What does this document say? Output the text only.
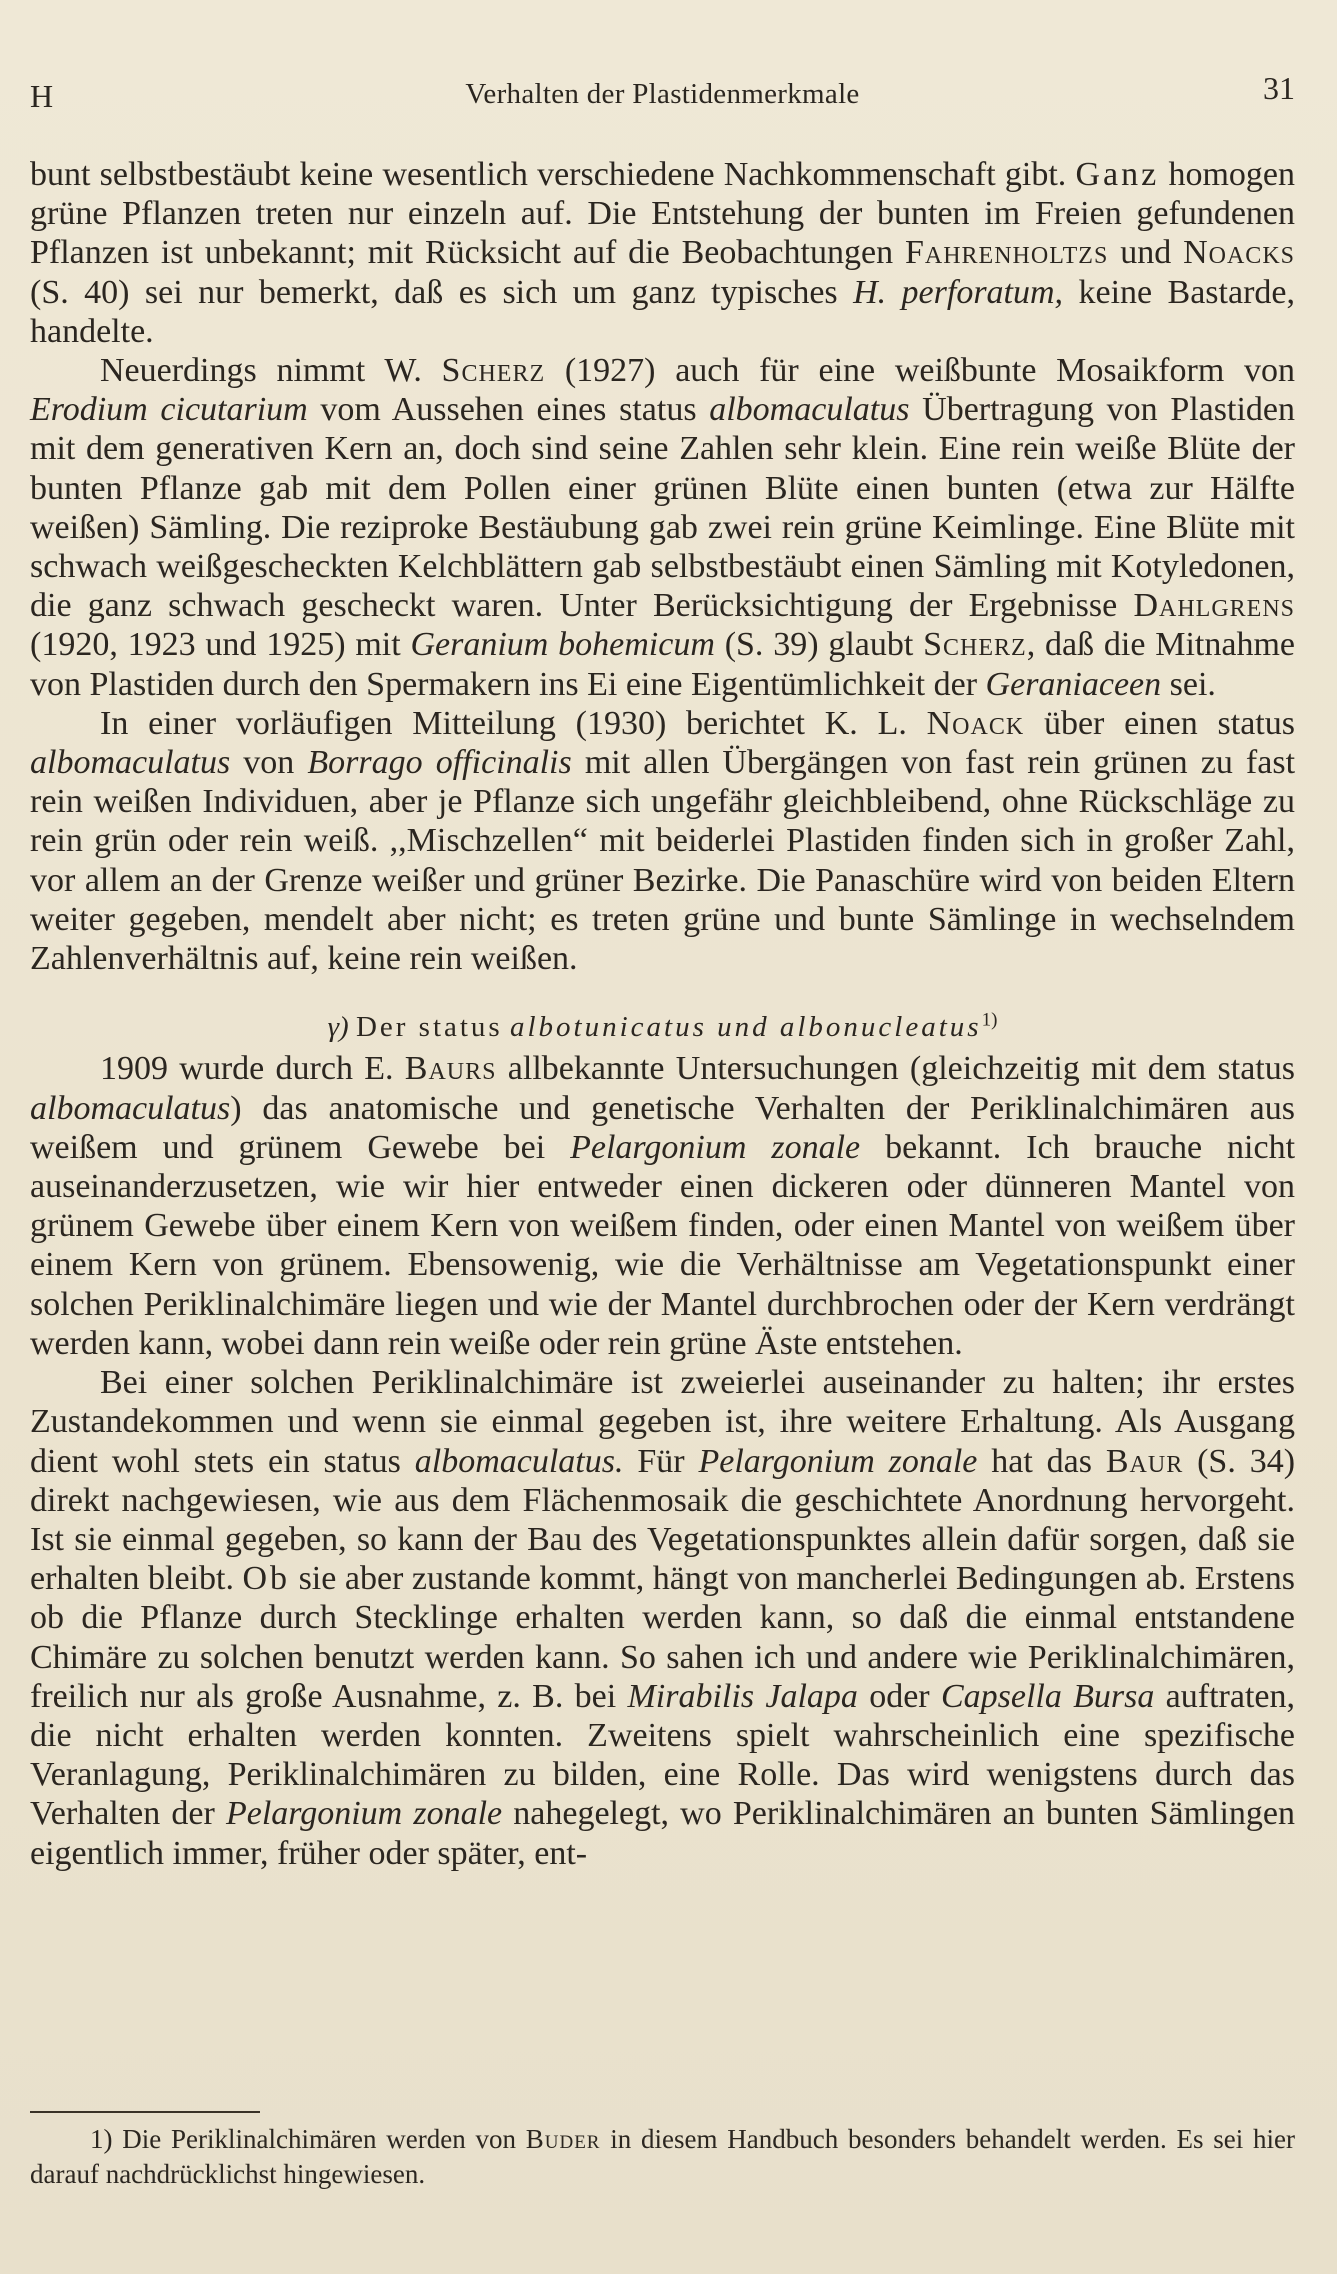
H	Verhalten der Plastidenmerkmale	31

bunt selbstbestäubt keine wesentlich verschiedene Nachkommenschaft gibt. Ganz homogen grüne Pflanzen treten nur einzeln auf. Die Entstehung der bunten im Freien gefundenen Pflanzen ist unbekannt; mit Rücksicht auf die Beobachtungen Fahrenholtzs und Noacks (S. 40) sei nur bemerkt, daß es sich um ganz typisches H. perforatum, keine Bastarde, handelte.

Neuerdings nimmt W. Scherz (1927) auch für eine weißbunte Mosaikform von Erodium cicutarium vom Aussehen eines status albomaculatus Übertragung von Plastiden mit dem generativen Kern an, doch sind seine Zahlen sehr klein. Eine rein weiße Blüte der bunten Pflanze gab mit dem Pollen einer grünen Blüte einen bunten (etwa zur Hälfte weißen) Sämling. Die reziproke Bestäubung gab zwei rein grüne Keimlinge. Eine Blüte mit schwach weißgescheckten Kelchblättern gab selbstbestäubt einen Sämling mit Kotyledonen, die ganz schwach gescheckt waren. Unter Berücksichtigung der Ergebnisse Dahlgrens (1920, 1923 und 1925) mit Geranium bohemicum (S. 39) glaubt Scherz, daß die Mitnahme von Plastiden durch den Spermakern ins Ei eine Eigentümlichkeit der Geraniaceen sei.

In einer vorläufigen Mitteilung (1930) berichtet K. L. Noack über einen status albomaculatus von Borrago officinalis mit allen Übergängen von fast rein grünen zu fast rein weißen Individuen, aber je Pflanze sich ungefähr gleichbleibend, ohne Rückschläge zu rein grün oder rein weiß. ,,Mischzellen“ mit beiderlei Plastiden finden sich in großer Zahl, vor allem an der Grenze weißer und grüner Bezirke. Die Panaschüre wird von beiden Eltern weiter gegeben, mendelt aber nicht; es treten grüne und bunte Sämlinge in wechselndem Zahlenverhältnis auf, keine rein weißen.

γ) Der status albotunicatus und albonucleatus$^{1)}$

1909 wurde durch E. Baurs allbekannte Untersuchungen (gleichzeitig mit dem status albomaculatus) das anatomische und genetische Verhalten der Periklinalchimären aus weißem und grünem Gewebe bei Pelargonium zonale bekannt. Ich brauche nicht auseinanderzusetzen, wie wir hier entweder einen dickeren oder dünneren Mantel von grünem Gewebe über einem Kern von weißem finden, oder einen Mantel von weißem über einem Kern von grünem. Ebensowenig, wie die Verhältnisse am Vegetationspunkt einer solchen Periklinalchimäre liegen und wie der Mantel durchbrochen oder der Kern verdrängt werden kann, wobei dann rein weiße oder rein grüne Äste entstehen.

Bei einer solchen Periklinalchimäre ist zweierlei auseinander zu halten; ihr erstes Zustandekommen und wenn sie einmal gegeben ist, ihre weitere Erhaltung. Als Ausgang dient wohl stets ein status albomaculatus. Für Pelargonium zonale hat das Baur (S. 34) direkt nachgewiesen, wie aus dem Flächenmosaik die geschichtete Anordnung hervorgeht. Ist sie einmal gegeben, so kann der Bau des Vegetationspunktes allein dafür sorgen, daß sie erhalten bleibt. Ob sie aber zustande kommt, hängt von mancherlei Bedingungen ab. Erstens ob die Pflanze durch Stecklinge erhalten werden kann, so daß die einmal entstandene Chimäre zu solchen benutzt werden kann. So sahen ich und andere wie Periklinalchimären, freilich nur als große Ausnahme, z. B. bei Mirabilis Jalapa oder Capsella Bursa auftraten, die nicht erhalten werden konnten. Zweitens spielt wahrscheinlich eine spezifische Veranlagung, Periklinalchimären zu bilden, eine Rolle. Das wird wenigstens durch das Verhalten der Pelargonium zonale nahegelegt, wo Periklinalchimären an bunten Sämlingen eigentlich immer, früher oder später, ent-

1) Die Periklinalchimären werden von Buder in diesem Handbuch besonders behandelt werden. Es sei hier darauf nachdrücklichst hingewiesen.
